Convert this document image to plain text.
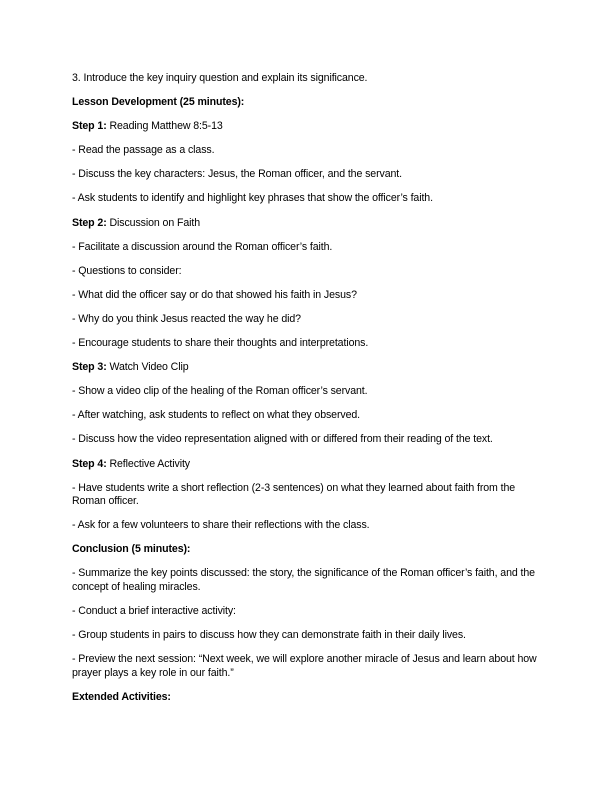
3. Introduce the key inquiry question and explain its significance.

Lesson Development (25 minutes):

Step 1: Reading Matthew 8:5-13

- Read the passage as a class.

- Discuss the key characters: Jesus, the Roman officer, and the servant.

- Ask students to identify and highlight key phrases that show the officer’s faith.

Step 2: Discussion on Faith

- Facilitate a discussion around the Roman officer’s faith.

- Questions to consider:

- What did the officer say or do that showed his faith in Jesus?

- Why do you think Jesus reacted the way he did?

- Encourage students to share their thoughts and interpretations.

Step 3: Watch Video Clip

- Show a video clip of the healing of the Roman officer’s servant.

- After watching, ask students to reflect on what they observed.

- Discuss how the video representation aligned with or differed from their reading of the text.

Step 4: Reflective Activity

- Have students write a short reflection (2-3 sentences) on what they learned about faith from the Roman officer.

- Ask for a few volunteers to share their reflections with the class.

Conclusion (5 minutes):

- Summarize the key points discussed: the story, the significance of the Roman officer’s faith, and the concept of healing miracles.

- Conduct a brief interactive activity:

- Group students in pairs to discuss how they can demonstrate faith in their daily lives.

- Preview the next session: “Next week, we will explore another miracle of Jesus and learn about how prayer plays a key role in our faith.”

Extended Activities:
